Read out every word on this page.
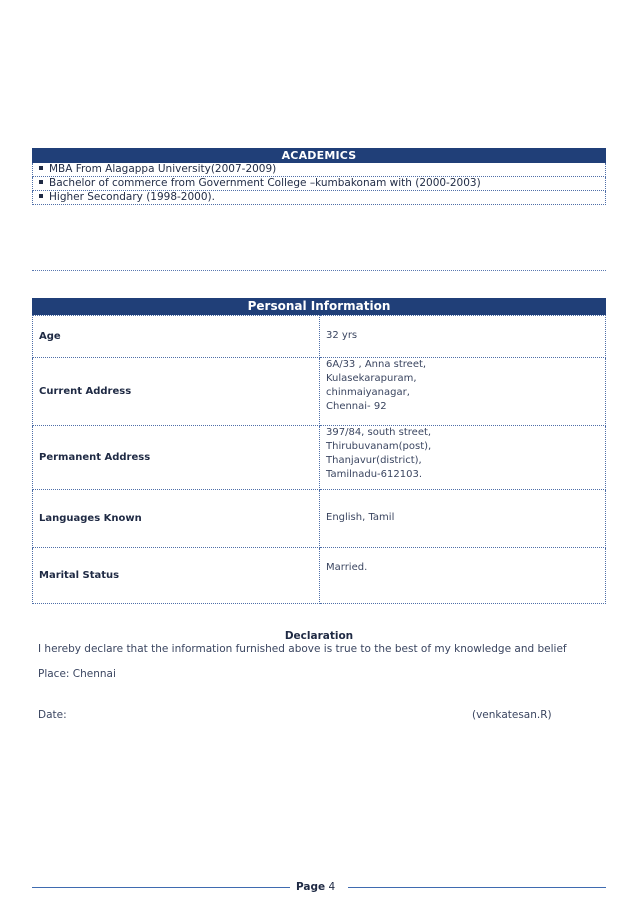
ACADEMICS
MBA From Alagappa University(2007-2009)
Bachelor of commerce from Government College –kumbakonam with (2000-2003)
Higher Secondary (1998-2000).
Personal Information
Age	32 yrs

Current Address	6A/33 , Anna street,
Kulasekarapuram,
chinmaiyanagar,
Chennai- 92

Permanent Address	397/84, south street,
Thirubuvanam(post),
Thanjavur(district),
Tamilnadu-612103.

Languages Known	English, Tamil

Marital Status	Married.
Declaration
I hereby declare that the information furnished above is true to the best of my knowledge and belief
Place: Chennai
Date:	(venkatesan.R)
Page 4
